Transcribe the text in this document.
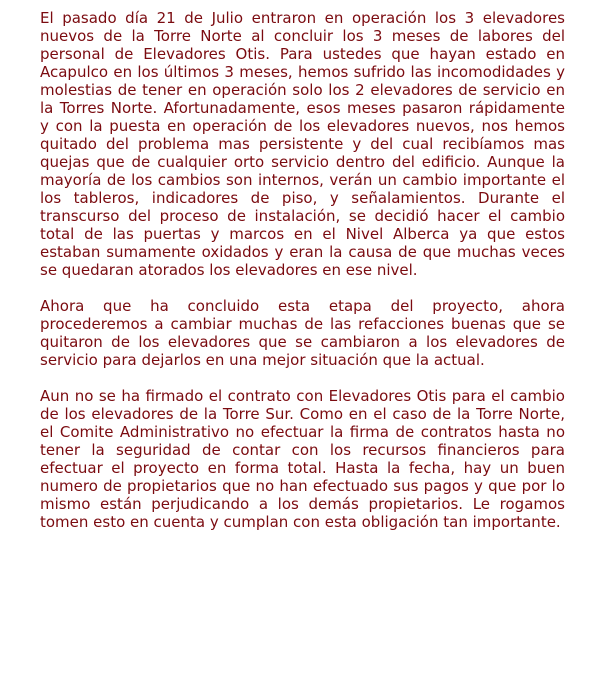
El pasado día 21 de Julio entraron en operación los 3 elevadores nuevos de la Torre Norte al concluir los 3 meses de labores del personal de Elevadores Otis. Para ustedes que hayan estado en Acapulco en los últimos 3 meses, hemos sufrido las incomodidades y molestias de tener en operación solo los 2 elevadores de servicio en la Torres Norte. Afortunadamente, esos meses pasaron rápidamente y con la puesta en operación de los elevadores nuevos, nos hemos quitado del problema mas persistente y del cual recibíamos mas quejas que de cualquier orto servicio dentro del edificio. Aunque la mayoría de los cambios son internos, verán un cambio importante el los tableros, indicadores de piso, y señalamientos. Durante el transcurso del proceso de instalación, se decidió hacer el cambio total de las puertas y marcos en el Nivel Alberca ya que estos estaban sumamente oxidados y eran la causa de que muchas veces se quedaran atorados los elevadores en ese nivel.

Ahora que ha concluido esta etapa del proyecto, ahora procederemos a cambiar muchas de las refacciones buenas que se quitaron de los elevadores que se cambiaron a los elevadores de servicio para dejarlos en una mejor situación que la actual.

Aun no se ha firmado el contrato con Elevadores Otis para el cambio de los elevadores de la Torre Sur. Como en el caso de la Torre Norte, el Comite Administrativo no efectuar la firma de contratos hasta no tener la seguridad de contar con los recursos financieros para efectuar el proyecto en forma total. Hasta la fecha, hay un buen numero de propietarios que no han efectuado sus pagos y que por lo mismo están perjudicando a los demás propietarios. Le rogamos tomen esto en cuenta y cumplan con esta obligación tan importante.
